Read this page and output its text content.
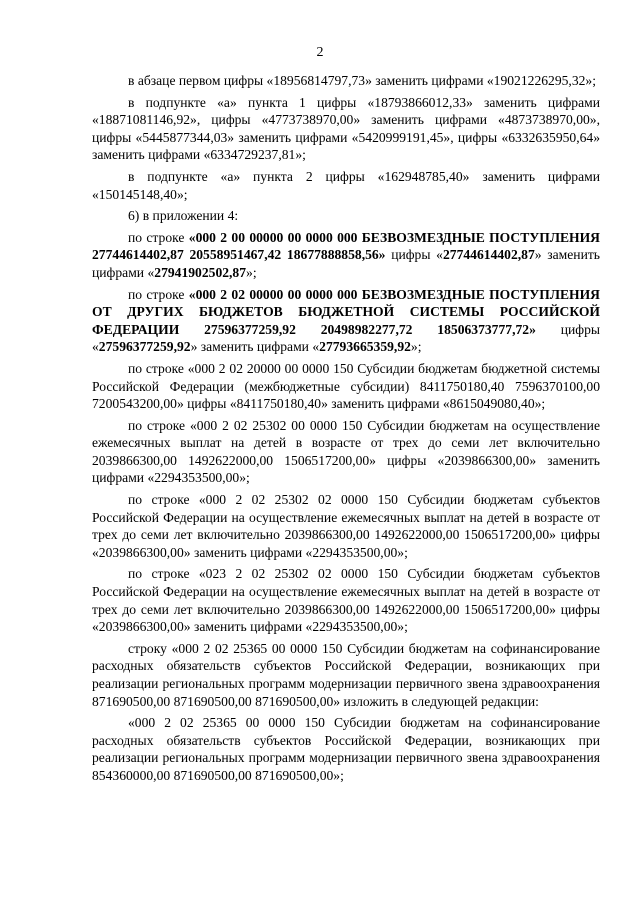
2

в абзаце первом цифры «18956814797,73» заменить цифрами «19021226295,32»;

в подпункте «а» пункта 1 цифры «18793866012,33» заменить цифрами «18871081146,92», цифры «4773738970,00» заменить цифрами «4873738970,00», цифры «5445877344,03» заменить цифрами «5420999191,45», цифры «6332635950,64» заменить цифрами «6334729237,81»;

в подпункте «а» пункта 2 цифры «162948785,40» заменить цифрами «150145148,40»;

6) в приложении 4:

по строке «000 2 00 00000 00 0000 000 БЕЗВОЗМЕЗДНЫЕ ПОСТУПЛЕНИЯ 27744614402,87 20558951467,42 18677888858,56» цифры «27744614402,87» заменить цифрами «27941902502,87»;

по строке «000 2 02 00000 00 0000 000 БЕЗВОЗМЕЗДНЫЕ ПОСТУПЛЕНИЯ ОТ ДРУГИХ БЮДЖЕТОВ БЮДЖЕТНОЙ СИСТЕМЫ РОССИЙСКОЙ ФЕДЕРАЦИИ 27596377259,92 20498982277,72 18506373777,72» цифры «27596377259,92» заменить цифрами «27793665359,92»;

по строке «000 2 02 20000 00 0000 150 Субсидии бюджетам бюджетной системы Российской Федерации (межбюджетные субсидии) 8411750180,40 7596370100,00 7200543200,00» цифры «8411750180,40» заменить цифрами «8615049080,40»;

по строке «000 2 02 25302 00 0000 150 Субсидии бюджетам на осуществление ежемесячных выплат на детей в возрасте от трех до семи лет включительно 2039866300,00 1492622000,00 1506517200,00» цифры «2039866300,00» заменить цифрами «2294353500,00»;

по строке «000 2 02 25302 02 0000 150 Субсидии бюджетам субъектов Российской Федерации на осуществление ежемесячных выплат на детей в возрасте от трех до семи лет включительно 2039866300,00 1492622000,00 1506517200,00» цифры «2039866300,00» заменить цифрами «2294353500,00»;

по строке «023 2 02 25302 02 0000 150 Субсидии бюджетам субъектов Российской Федерации на осуществление ежемесячных выплат на детей в возрасте от трех до семи лет включительно 2039866300,00 1492622000,00 1506517200,00» цифры «2039866300,00» заменить цифрами «2294353500,00»;

строку «000 2 02 25365 00 0000 150 Субсидии бюджетам на софинансирование расходных обязательств субъектов Российской Федерации, возникающих при реализации региональных программ модернизации первичного звена здравоохранения 871690500,00 871690500,00 871690500,00» изложить в следующей редакции:

«000 2 02 25365 00 0000 150 Субсидии бюджетам на софинансирование расходных обязательств субъектов Российской Федерации, возникающих при реализации региональных программ модернизации первичного звена здравоохранения 854360000,00 871690500,00 871690500,00»;
